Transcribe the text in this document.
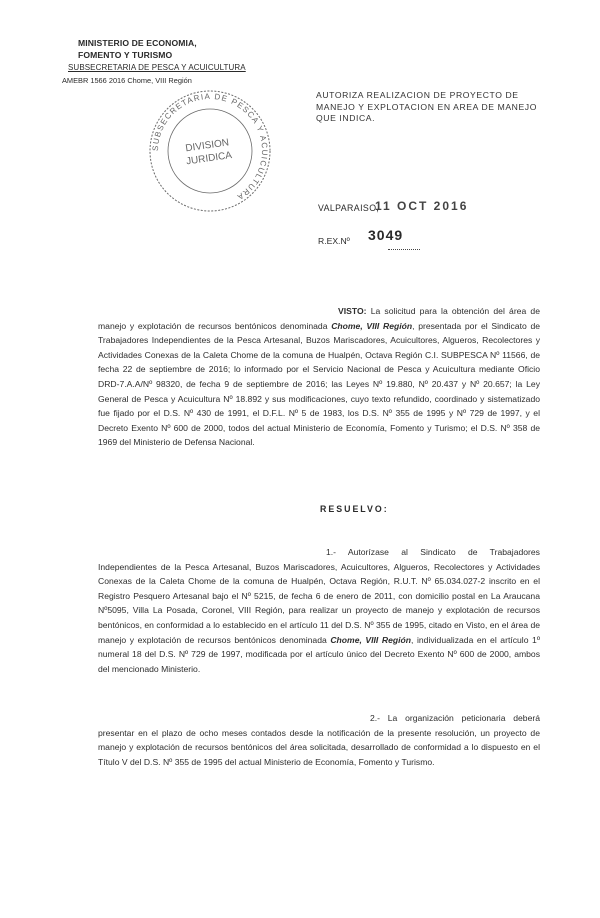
MINISTERIO DE ECONOMIA,
FOMENTO Y TURISMO
SUBSECRETARIA DE PESCA Y ACUICULTURA
AMEBR 1566 2016 Chome, VIII Región
SUBSECRETARIA DE PESCA Y ACUICULTURA
DIVISION
JURIDICA
AUTORIZA REALIZACION DE PROYECTO DE MANEJO Y EXPLOTACION EN AREA DE MANEJO QUE INDICA.
VALPARAISO,
11 OCT 2016
R.EX.Nº 3049
VISTO: La solicitud para la obtención del área de manejo y explotación de recursos bentónicos denominada Chome, VIII Región, presentada por el Sindicato de Trabajadores Independientes de la Pesca Artesanal, Buzos Mariscadores, Acuicultores, Algueros, Recolectores y Actividades Conexas de la Caleta Chome de la comuna de Hualpén, Octava Región C.I. SUBPESCA Nº 11566, de fecha 22 de septiembre de 2016; lo informado por el Servicio Nacional de Pesca y Acuicultura mediante Oficio DRD-7.A.A/Nº 98320, de fecha 9 de septiembre de 2016; las Leyes Nº 19.880, Nº 20.437 y Nº 20.657; la Ley General de Pesca y Acuicultura Nº 18.892 y sus modificaciones, cuyo texto refundido, coordinado y sistematizado fue fijado por el D.S. Nº 430 de 1991, el D.F.L. Nº 5 de 1983, los D.S. Nº 355 de 1995 y Nº 729 de 1997, y el Decreto Exento Nº 600 de 2000, todos del actual Ministerio de Economía, Fomento y Turismo; el D.S. Nº 358 de 1969 del Ministerio de Defensa Nacional.
RESUELVO:
1.- Autorízase al Sindicato de Trabajadores Independientes de la Pesca Artesanal, Buzos Mariscadores, Acuicultores, Algueros, Recolectores y Actividades Conexas de la Caleta Chome de la comuna de Hualpén, Octava Región, R.U.T. Nº 65.034.027-2 inscrito en el Registro Pesquero Artesanal bajo el Nº 5215, de fecha 6 de enero de 2011, con domicilio postal en La Araucana Nº5095, Villa La Posada, Coronel, VIII Región, para realizar un proyecto de manejo y explotación de recursos bentónicos, en conformidad a lo establecido en el artículo 11 del D.S. Nº 355 de 1995, citado en Visto, en el área de manejo y explotación de recursos bentónicos denominada Chome, VIII Región, individualizada en el artículo 1º numeral 18 del D.S. Nº 729 de 1997, modificada por el artículo único del Decreto Exento Nº 600 de 2000, ambos del mencionado Ministerio.
2.- La organización peticionaria deberá presentar en el plazo de ocho meses contados desde la notificación de la presente resolución, un proyecto de manejo y explotación de recursos bentónicos del área solicitada, desarrollado de conformidad a lo dispuesto en el Título V del D.S. Nº 355 de 1995 del actual Ministerio de Economía, Fomento y Turismo.
